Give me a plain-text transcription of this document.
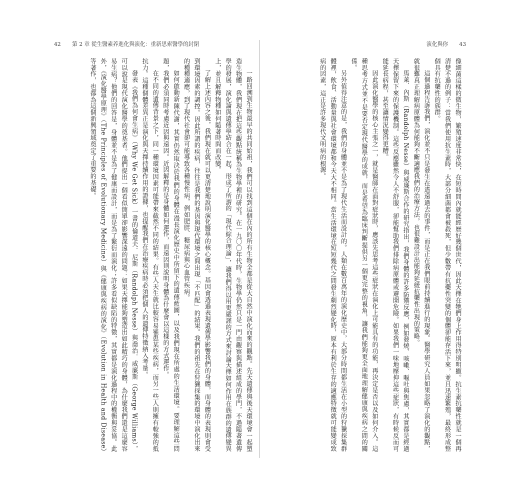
42 第 2 章 從生醫素养進化與演化：重新思索醫學的封閉

一路回溯到生物最早的共同始祖，我們可以找到這個在內的所有生物全都是從大自然中演化而來的觀點。先天遺傳與後天環境會一起塑造生物體，我們現在把這些觀點統稱為生物學裡的研究。在一九〇〇年代時，生物學仍然只是一門由觀察與描述組成的學門，不過隨著遺傳學的發展，演化論與遺傳學結合在一起，形成了所謂的「現代綜合理論」，讓我們得以用更嚴謹的方式來討論天擇如何作用在族群的遺傳變異上，並且解釋物種如何隨著時間而改變。

了解上述內容之後，我們現在就可以更清楚地說明演化醫學的核心概念。基因會透過表現遺傳學影響我們的身體，而身體的表現則會受到環境因素的調控。因此所謂的疾病，往往是我們的基因與現代環境之間出現「不匹配」的結果。我們的祖先在狩獵採集的環境中演化出來的種種適應，到了現代社會卻可能導致各種慢性病，例如肥胖、糖尿病與心血管疾病。

如何啟動新陳代謝，其實仍然取決於我們的身體在漫長演化歷史中所留下的遺傳藍圖，以及我們現在所處的生活環境。要理解這些問題，我們必須同時考慮近因與遠因。近因解釋的是身體如何運作，而遠因則說明身體為什麼會以這樣的方式運作。

在不同的遺傳背景之下，同一種環境因素可能帶來截然不同的結果。有些人天生就比較容易罹患某些疾病，而另一些人則擁有較強的抵抗力。這種個體差異正是演化與天擇持續作用的證據，也提醒我們在治療疾病時必須把個人的遺傳特徵納入考量。

發表《我們為何會生病》（Why We Get Sick）一書的倫道夫．尼斯（Randolph Nesse）與喬治．威廉斯（George Williams），可以說是現代演化醫學的奠基者。他們提出一個看似簡單卻影響深遠的問題：如果天擇能夠塑造出如此精巧的身體，為什麼我們還是這麼容易生病？他們的回答是，身體並不是為了健康而設計，而是為了繁衍而演化；許多看似缺陷的特徵，其實都是演化過程中的權衡與妥協。此外，《演化醫學原理》（The Principles of Evolutionary Medicine）與《健康與疾病的演化》（Evolution in Health and Disease）等著作，也都為這個新興領域奠定了重要的基礎。

演化與你 43

像細菌這樣的微生物，繁殖速度非常快，在短時間內就能經歷好幾個世代，因此天擇在牠們身上作用得特別明顯。抗生素抗藥性就是一個再清楚不過的例子：當我們使用抗生素時，大部分細菌都會被殺死，但少數帶有抗藥性突變的個體卻能存活下來，並且迅速繁殖，最終形成整個具有抗藥性的族群。

這個過程告訴我們，演化並不只是發生在遙遠過去的事件，而是正在我們眼前持續進行的現象。醫學研究人員如果忽略了演化的觀點，就很難真正理解病原體為何能夠不斷適應我們的治療方法，也很難設計出能夠延緩抗藥性出現的策略。

馬萊．內斯（Randolph Nesse）與威廉斯合作的研究指出，我們身體的許多防禦反應，例如發燒、咳嗽、嘔吐與焦慮，其實都是經過天擇保留下來的保護機制。這些反應雖然令人不舒服，卻能幫助我們排除病原體或避開危險。如果我們一味地壓抑這些症狀，有時候反而可能延長病程，甚至讓情況變得更糟。

因此演化醫學的核心主張之一，就是醫師在面對症狀時，應該先思考這些症狀在演化上可能具有的功能，再決定是否以及如何介入。這種思考方式並不是要否定現代醫學的成就，而是希望為臨床判斷提供另一個更完整的視角，讓我們能夠更全面地理解健康與疾病之間的關係。

另外值得注意的是，我們的身體並不是為了現代生活而設計的。人類在數百萬年的演化歷史中，大部分時間都生活在小型的狩獵採集群體裡，飲食、活動量與社會環境都和今天大不相同。當生活環境在短短幾代之間發生劇烈變化時，原本有利於生存的適應特徵就可能變成致病的因素，這正是許多現代文明病的根源。
